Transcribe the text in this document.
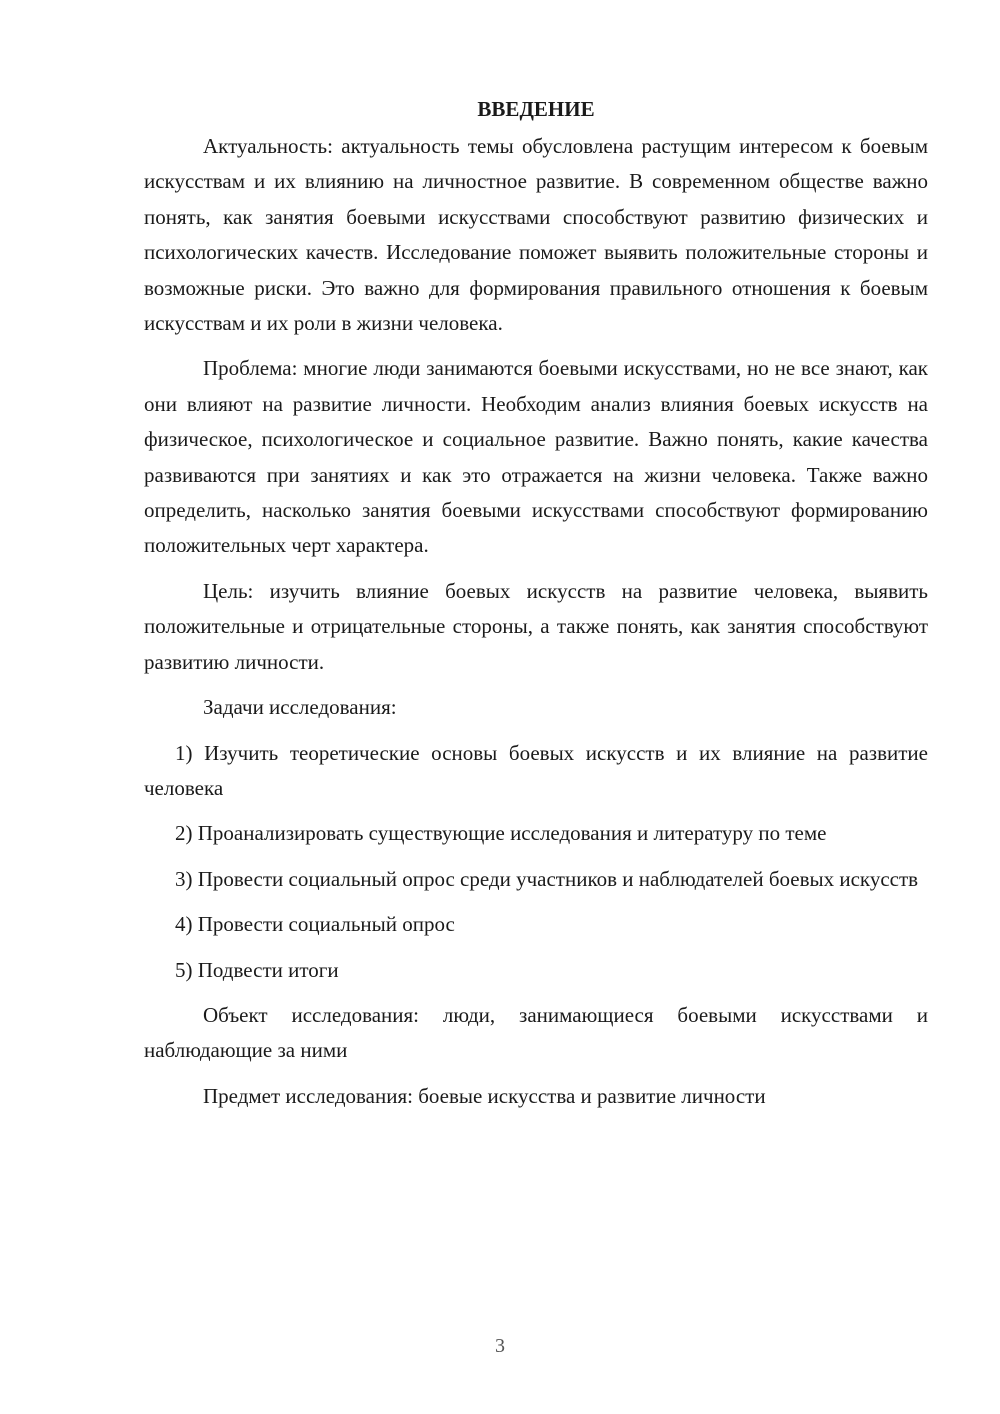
ВВЕДЕНИЕ

Актуальность: актуальность темы обусловлена растущим интересом к боевым искусствам и их влиянию на личностное развитие. В современном обществе важно понять, как занятия боевыми искусствами способствуют развитию физических и психологических качеств. Исследование поможет выявить положительные стороны и возможные риски. Это важно для формирования правильного отношения к боевым искусствам и их роли в жизни человека.

Проблема: многие люди занимаются боевыми искусствами, но не все знают, как они влияют на развитие личности. Необходим анализ влияния боевых искусств на физическое, психологическое и социальное развитие. Важно понять, какие качества развиваются при занятиях и как это отражается на жизни человека. Также важно определить, насколько занятия боевыми искусствами способствуют формированию положительных черт характера.

Цель: изучить влияние боевых искусств на развитие человека, выявить положительные и отрицательные стороны, а также понять, как занятия способствуют развитию личности.

Задачи исследования:

1) Изучить теоретические основы боевых искусств и их влияние на развитие человека

2) Проанализировать существующие исследования и литературу по теме

3) Провести социальный опрос среди участников и наблюдателей боевых искусств

4) Провести социальный опрос

5) Подвести итоги

Объект исследования: люди, занимающиеся боевыми искусствами и наблюдающие за ними

Предмет исследования: боевые искусства и развитие личности

3
